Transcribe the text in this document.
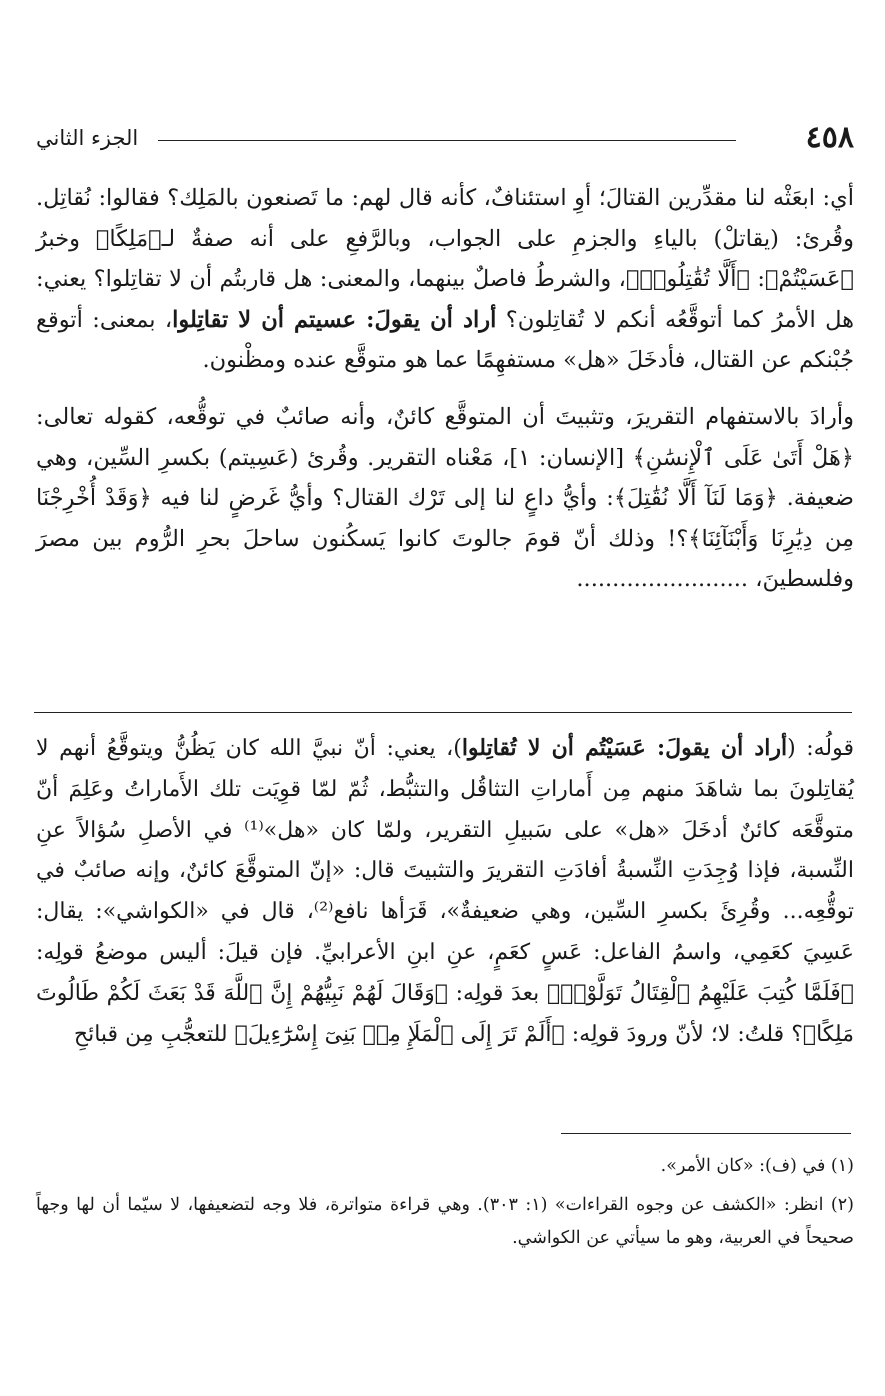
٤٥٨
الجزء الثاني

أي: ابعَثْه لنا مقدِّرين القتالَ؛ أوِ استئنافٌ، كأنه قال لهم: ما تَصنعون بالمَلِك؟ فقالوا: نُقاتِل. وقُرئ: (يقاتلْ) بالياءِ والجزمِ على الجواب، وبالرَّفعِ على أنه صفةٌ لـ﴿مَلِكًا﴾ وخبرُ ﴿عَسَيْتُمْ﴾: ﴿أَلَّا تُقَٰتِلُوا۟﴾، والشرطُ فاصلٌ بينهما، والمعنى: هل قاربتُم أن لا تقاتِلوا؟ يعني: هل الأمرُ كما أتوقَّعُه أنكم لا تُقاتِلون؟ أراد أن يقولَ: عسيتم أن لا تقاتِلوا، بمعنى: أتوقع جُبْنكم عن القتال، فأدخَلَ «هل» مستفهِمًا عما هو متوقَّع عنده ومظْنون.

وأرادَ بالاستفهام التقريرَ، وتثبيتَ أن المتوقَّع كائنٌ، وأنه صائبٌ في توقُّعه، كقوله تعالى: ﴿هَلْ أَتَىٰ عَلَى ٱلْإِنسَٰنِ﴾ [الإنسان: ١]، مَعْناه التقرير. وقُرئ (عَسِيتم) بكسرِ السِّين، وهي ضعيفة. ﴿وَمَا لَنَآ أَلَّا نُقَٰتِلَ﴾: وأيُّ داعٍ لنا إلى تَرْك القتال؟ وأيُّ غَرضٍ لنا فيه ﴿وَقَدْ أُخْرِجْنَا مِن دِيَٰرِنَا وَأَبْنَآئِنَا﴾؟! وذلك أنّ قومَ جالوتَ كانوا يَسكُنون ساحلَ بحرِ الرُّوم بين مصرَ وفلسطينَ، ........................

قولُه: (أراد أن يقولَ: عَسَيْتُم أن لا تُقاتِلوا)، يعني: أنّ نبيَّ الله كان يَظُنُّ ويتوقَّعُ أنهم لا يُقاتِلونَ بما شاهَدَ منهم مِن أَماراتِ التثاقُل والتثبُّط، ثُمّ لمّا قوِيَت تلك الأَماراتُ وعَلِمَ أنّ متوقَّعَه كائنٌ أدخَلَ «هل» على سَبيلِ التقرير، ولمّا كان «هل»⁽¹⁾ في الأصلِ سُؤالاً عنِ النِّسبة، فإذا وُجِدَتِ النِّسبةُ أفادَتِ التقريرَ والتثبيتَ قال: «إنّ المتوقَّعَ كائنٌ، وإنه صائبٌ في توقُّعِه... وقُرِئَ بكسرِ السِّين، وهي ضعيفةٌ»، قَرَأها نافع⁽²⁾، قال في «الكواشي»: يقال: عَسِيَ كعَمِي، واسمُ الفاعل: عَسٍ كعَمٍ، عنِ ابنِ الأعرابيِّ. فإن قيلَ: أليس موضعُ قولِه: ﴿فَلَمَّا كُتِبَ عَلَيْهِمُ ٱلْقِتَالُ تَوَلَّوْا۟﴾ بعدَ قولِه: ﴿وَقَالَ لَهُمْ نَبِيُّهُمْ إِنَّ ٱللَّهَ قَدْ بَعَثَ لَكُمْ طَالُوتَ مَلِكًا﴾؟ قلتُ: لا؛ لأنّ ورودَ قولِه: ﴿أَلَمْ تَرَ إِلَى ٱلْمَلَإِ مِنۢ بَنِىٓ إِسْرَٰٓءِيلَ﴾ للتعجُّبِ مِن قبائحِ

(١) في (ف): «كان الأمر».

(٢) انظر: «الكشف عن وجوه القراءات» (١: ٣٠٣). وهي قراءة متواترة، فلا وجه لتضعيفها، لا سيّما أن لها وجهاً صحيحاً في العربية، وهو ما سيأتي عن الكواشي.
